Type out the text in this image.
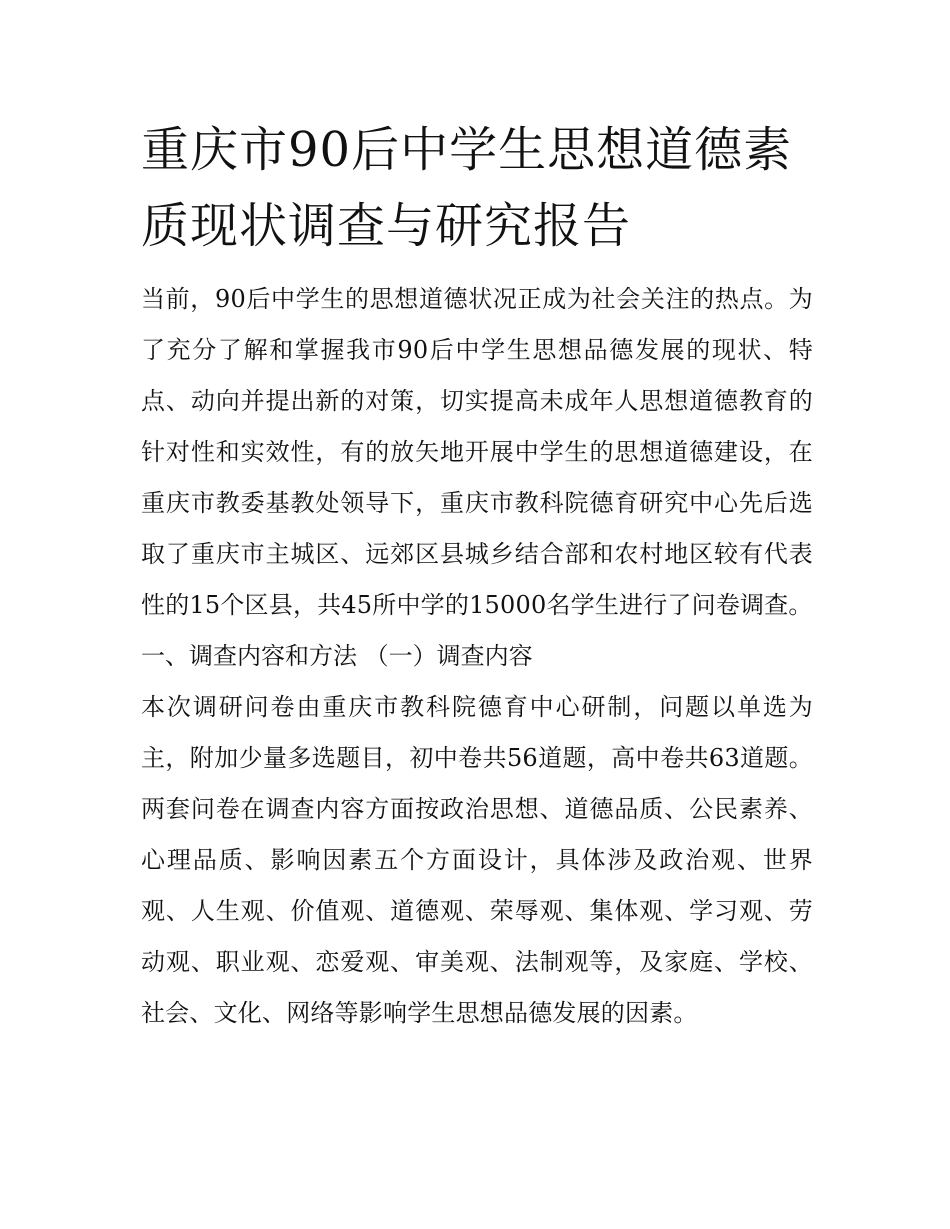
重庆市90后中学生思想道德素质现状调查与研究报告

当前，90后中学生的思想道德状况正成为社会关注的热点。为了充分了解和掌握我市90后中学生思想品德发展的现状、特点、动向并提出新的对策，切实提高未成年人思想道德教育的针对性和实效性，有的放矢地开展中学生的思想道德建设，在重庆市教委基教处领导下，重庆市教科院德育研究中心先后选取了重庆市主城区、远郊区县城乡结合部和农村地区较有代表性的15个区县，共45所中学的15000名学生进行了问卷调查。

一、调查内容和方法 （一）调查内容

本次调研问卷由重庆市教科院德育中心研制，问题以单选为主，附加少量多选题目，初中卷共56道题，高中卷共63道题。两套问卷在调查内容方面按政治思想、道德品质、公民素养、心理品质、影响因素五个方面设计，具体涉及政治观、世界观、人生观、价值观、道德观、荣辱观、集体观、学习观、劳动观、职业观、恋爱观、审美观、法制观等，及家庭、学校、社会、文化、网络等影响学生思想品德发展的因素。
